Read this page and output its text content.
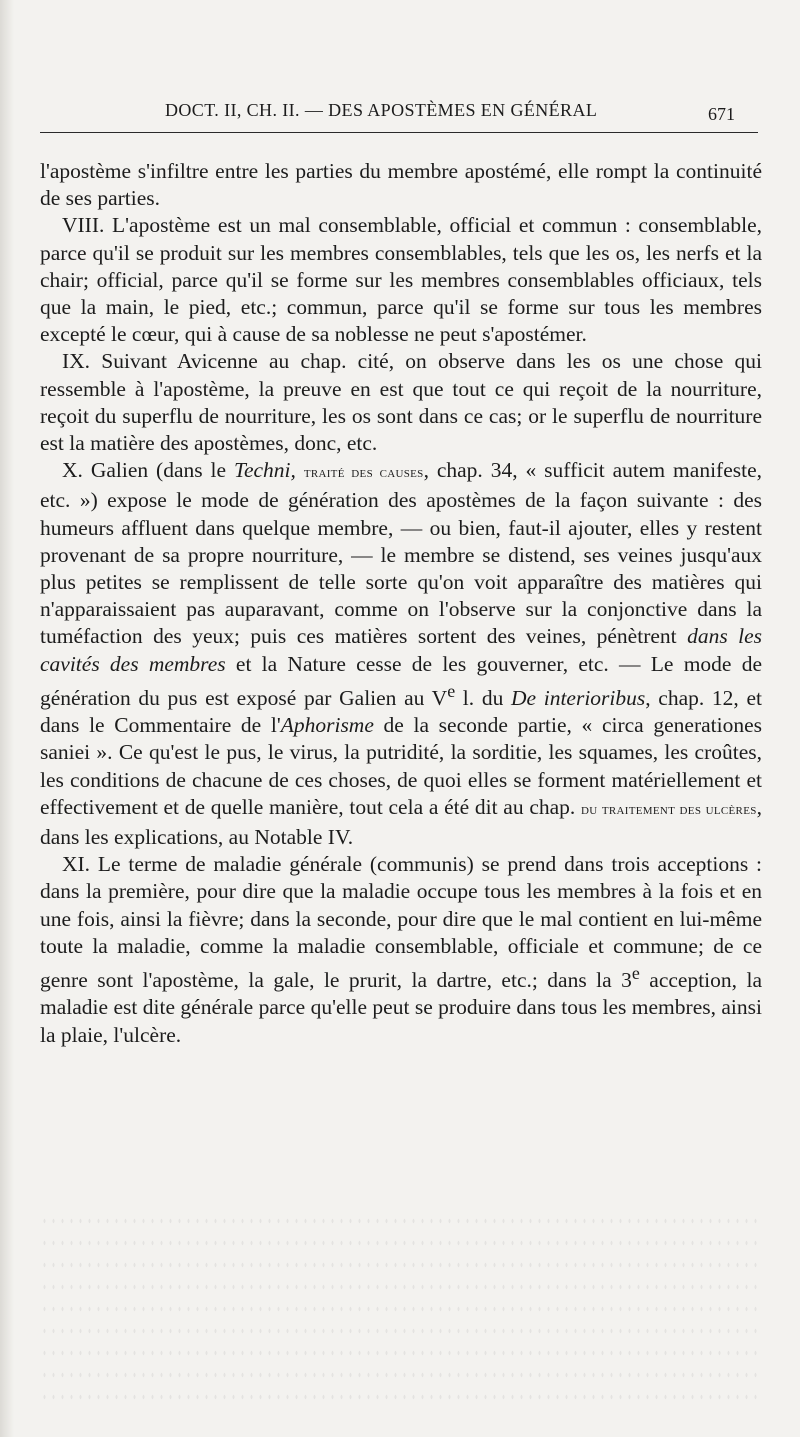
DOCT. II, CH. II. — DES APOSTÈMES EN GÉNÉRAL	671

l'apostème s'infiltre entre les parties du membre apostémé, elle rompt la continuité de ses parties.

VIII. L'apostème est un mal consemblable, official et commun : consemblable, parce qu'il se produit sur les membres consemblables, tels que les os, les nerfs et la chair; official, parce qu'il se forme sur les membres consemblables officiaux, tels que la main, le pied, etc.; commun, parce qu'il se forme sur tous les membres excepté le cœur, qui à cause de sa noblesse ne peut s'apostémer.

IX. Suivant Avicenne au chap. cité, on observe dans les os une chose qui ressemble à l'apostème, la preuve en est que tout ce qui reçoit de la nourriture, reçoit du superflu de nourriture, les os sont dans ce cas; or le superflu de nourriture est la matière des apostèmes, donc, etc.

X. Galien (dans le Techni, traité des causes, chap. 34, « sufficit autem manifeste, etc. ») expose le mode de génération des apostèmes de la façon suivante : des humeurs affluent dans quelque membre, — ou bien, faut-il ajouter, elles y restent provenant de sa propre nourriture, — le membre se distend, ses veines jusqu'aux plus petites se remplissent de telle sorte qu'on voit apparaître des matières qui n'apparaissaient pas auparavant, comme on l'observe sur la conjonctive dans la tuméfaction des yeux; puis ces matières sortent des veines, pénètrent dans les cavités des membres et la Nature cesse de les gouverner, etc. — Le mode de génération du pus est exposé par Galien au Ve l. du De interioribus, chap. 12, et dans le Commentaire de l'Aphorisme de la seconde partie, « circa generationes saniei ». Ce qu'est le pus, le virus, la putridité, la sorditie, les squames, les croûtes, les conditions de chacune de ces choses, de quoi elles se forment matériellement et effectivement et de quelle manière, tout cela a été dit au chap. du traitement des ulcères, dans les explications, au Notable IV.

XI. Le terme de maladie générale (communis) se prend dans trois acceptions : dans la première, pour dire que la maladie occupe tous les membres à la fois et en une fois, ainsi la fièvre; dans la seconde, pour dire que le mal contient en lui-même toute la maladie, comme la maladie consemblable, officiale et commune; de ce genre sont l'apostème, la gale, le prurit, la dartre, etc.; dans la 3e acception, la maladie est dite générale parce qu'elle peut se produire dans tous les membres, ainsi la plaie, l'ulcère.
